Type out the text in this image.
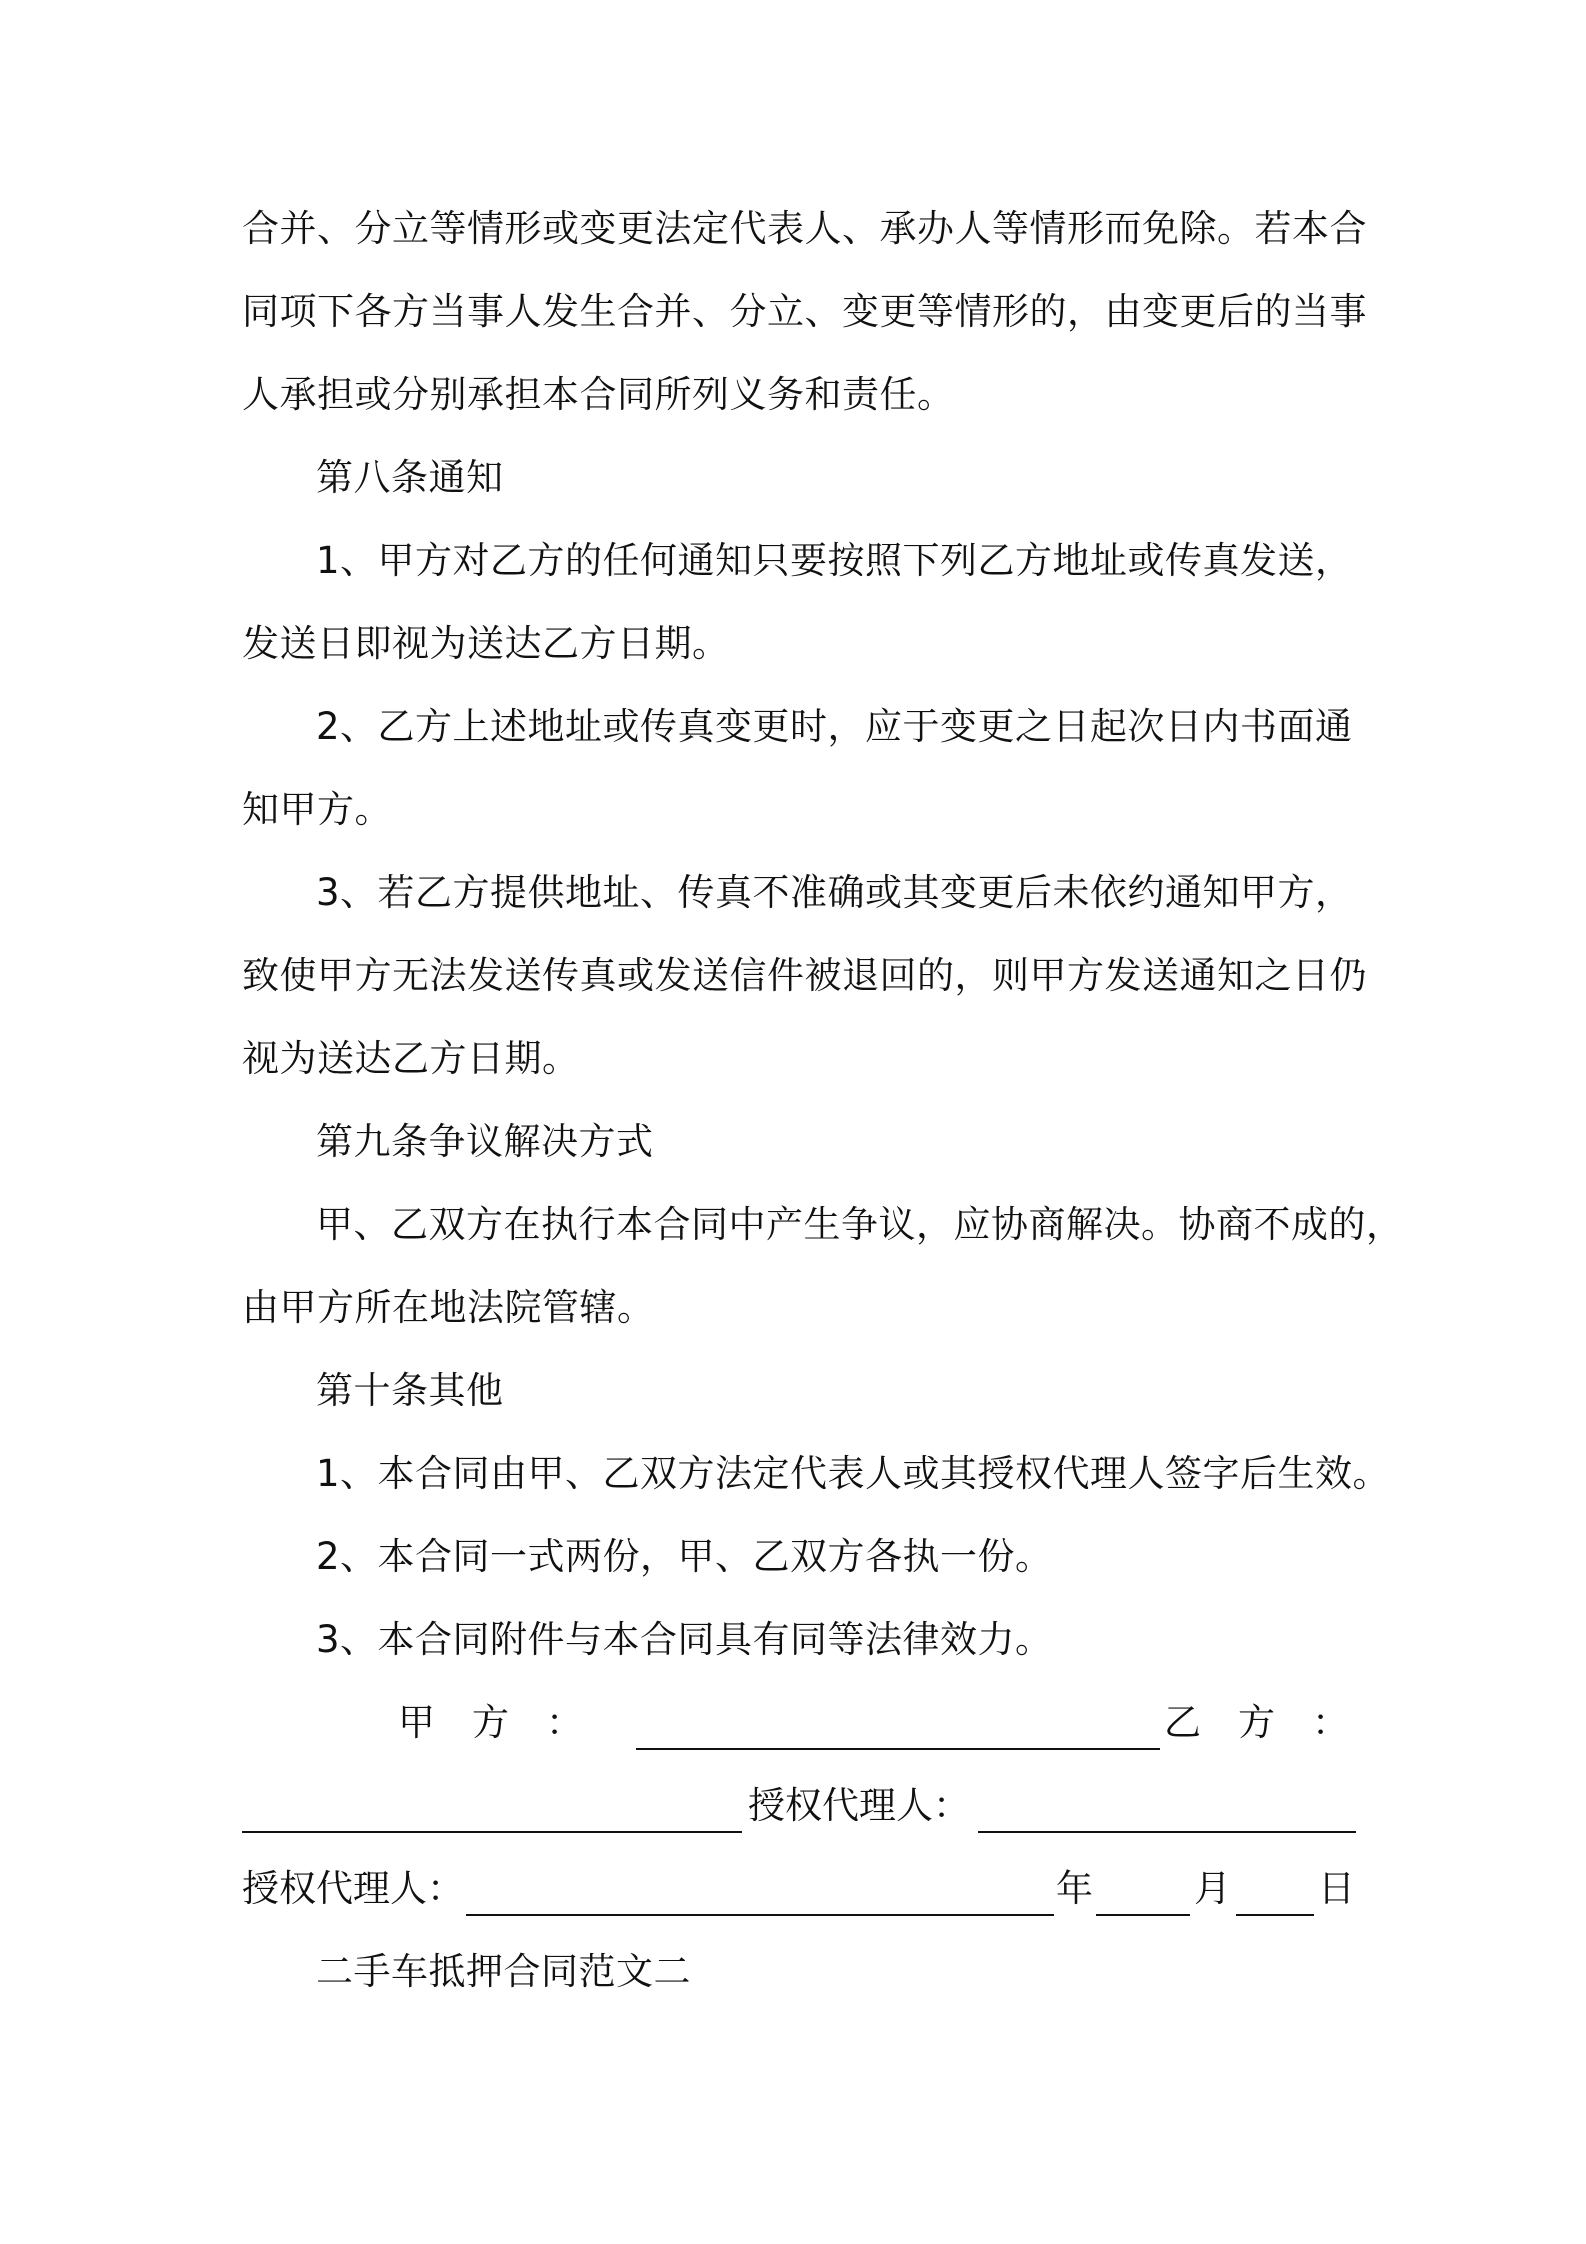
合并、分立等情形或变更法定代表人、承办人等情形而免除。若本合
同项下各方当事人发生合并、分立、变更等情形的，由变更后的当事
人承担或分别承担本合同所列义务和责任。
第八条通知
1、甲方对乙方的任何通知只要按照下列乙方地址或传真发送，
发送日即视为送达乙方日期。
2、乙方上述地址或传真变更时，应于变更之日起次日内书面通
知甲方。
3、若乙方提供地址、传真不准确或其变更后未依约通知甲方，
致使甲方无法发送传真或发送信件被退回的，则甲方发送通知之日仍
视为送达乙方日期。
第九条争议解决方式
甲、乙双方在执行本合同中产生争议，应协商解决。协商不成的，
由甲方所在地法院管辖。
第十条其他
1、本合同由甲、乙双方法定代表人或其授权代理人签字后生效。
2、本合同一式两份，甲、乙双方各执一份。
3、本合同附件与本合同具有同等法律效力。
甲　方　：	乙　方　：
授权代理人：
授权代理人：	年	月 日
二手车抵押合同范文二
